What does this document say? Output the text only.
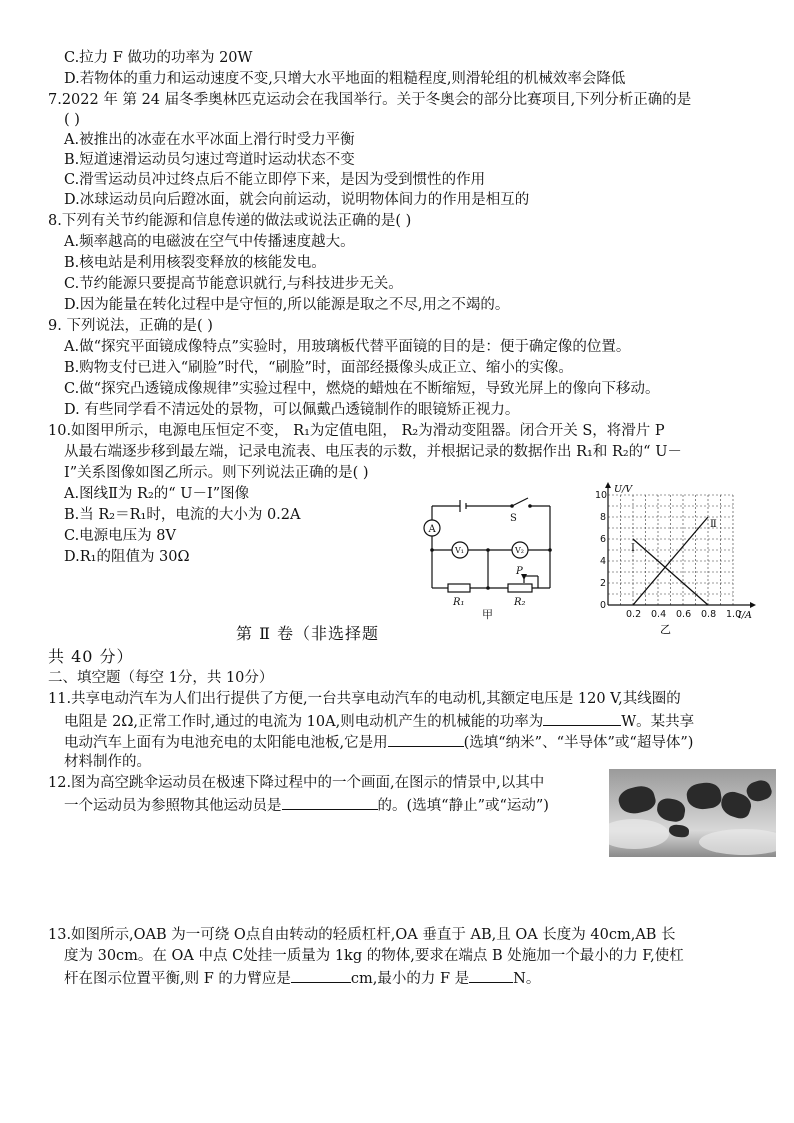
C.拉力 F 做功的功率为 20W
D.若物体的重力和运动速度不变,只增大水平地面的粗糙程度,则滑轮组的机械效率会降低
7.2022 年 第 24 届冬季奥林匹克运动会在我国举行。关于冬奥会的部分比赛项目,下列分析正确的是
( )
A.被推出的冰壶在水平冰面上滑行时受力平衡
B.短道速滑运动员匀速过弯道时运动状态不变
C.滑雪运动员冲过终点后不能立即停下来，是因为受到惯性的作用
D.冰球运动员向后蹬冰面，就会向前运动，说明物体间力的作用是相互的
8.下列有关节约能源和信息传递的做法或说法正确的是( )
A.频率越高的电磁波在空气中传播速度越大。
B.核电站是利用核裂变释放的核能发电。
C.节约能源只要提高节能意识就行,与科技进步无关。
D.因为能量在转化过程中是守恒的,所以能源是取之不尽,用之不竭的。
9. 下列说法，正确的是( )
A.做“探究平面镜成像特点”实验时，用玻璃板代替平面镜的目的是：便于确定像的位置。
B.购物支付已进入“刷脸”时代，“刷脸”时，面部经摄像头成正立、缩小的实像。
C.做“探究凸透镜成像规律”实验过程中，燃烧的蜡烛在不断缩短，导致光屏上的像向下移动。
D. 有些同学看不清远处的景物，可以佩戴凸透镜制作的眼镜矫正视力。
10.如图甲所示，电源电压恒定不变， R₁为定值电阻， R₂为滑动变阻器。闭合开关 S，将滑片 P
从最右端逐步移到最左端，记录电流表、电压表的示数，并根据记录的数据作出 R₁和 R₂的“ U－
I”关系图像如图乙所示。则下列说法正确的是( )
A.图线Ⅱ为 R₂的“ U－I”图像
B.当 R₂＝R₁时，电流的大小为 0.2A
C.电源电压为 8V
D.R₁的阻值为 30Ω
A
V₁	V₂
S
R₁	R₂
P
甲
Ⅰ
Ⅱ
0.2 0.4 0.6 0.8 1.0
0
2
4
6
8
10
U/V
I/A
乙
第 Ⅱ 卷（非选择题
共 40 分）
二、填空题（每空 1分，共 10分）
11.共享电动汽车为人们出行提供了方便,一台共享电动汽车的电动机,其额定电压是 120 V,其线圈的
电阻是 2Ω,正常工作时,通过的电流为 10A,则电动机产生的机械能的功率为	W。某共享
电动汽车上面有为电池充电的太阳能电池板,它是用	(选填“纳米”、“半导体”或“超导体”)
材料制作的。
12.图为高空跳伞运动员在极速下降过程中的一个画面,在图示的情景中,以其中
一个运动员为参照物其他运动员是	的。(选填“静止”或“运动”)
13.如图所示,OAB 为一可绕 O点自由转动的轻质杠杆,OA 垂直于 AB,且 OA 长度为 40cm,AB 长
度为 30cm。在 OA 中点 C处挂一质量为 1kg 的物体,要求在端点 B 处施加一个最小的力 F,使杠
杆在图示位置平衡,则 F 的力臂应是	cm,最小的力 F 是	N。
